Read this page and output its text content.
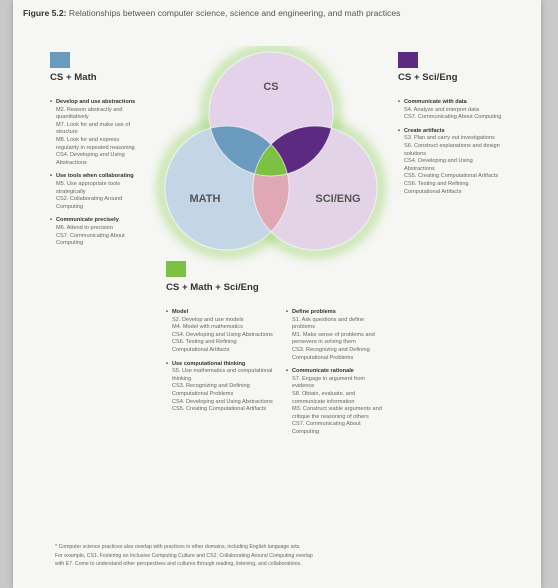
Figure 5.2: Relationships between computer science, science and engineering, and math practices
CS + Math
• Develop and use abstractions
M2. Reason abstractly and quantitatively
M7. Look for and make use of structure
M8. Look for and express regularity in repeated reasoning
CS4. Developing and Using Abstractions
• Use tools when collaborating
M5. Use appropriate tools strategically
CS2. Collaborating Around Computing
• Communicate precisely
M6. Attend to precision
CS7. Communicating About Computing
CS + Sci/Eng
• Communicate with data
S4. Analyze and interpret data
CS7. Communicating About Computing
• Create artifacts
S3. Plan and carry out investigations
S6. Construct explanations and design solutions
CS4. Developing and Using Abstractions
CS5. Creating Computational Artifacts
CS6. Testing and Refining Computational Artifacts
CS
MATH	SCI/ENG
CS + Math + Sci/Eng
• Model
S2. Develop and use models
M4. Model with mathematics
CS4. Developing and Using Abstractions
CS6. Testing and Refining Computational Artifacts
• Use computational thinking
S5. Use mathematics and computational thinking
CS3. Recognizing and Defining Computational Problems
CS4. Developing and Using Abstractions
CS5. Creating Computational Artifacts
• Define problems
S1. Ask questions and define problems
M1. Make sense of problems and persevere in solving them
CS3. Recognizing and Defining Computational Problems
• Communicate rationale
S7. Engage in argument from evidence
S8. Obtain, evaluate, and communicate information
M3. Construct viable arguments and critique the reasoning of others
CS7. Communicating About Computing
* Computer science practices also overlap with practices in other domains, including English language arts.
For example, CS1. Fostering an Inclusive Computing Culture and CS2. Collaborating Around Computing overlap
with E7. Come to understand other perspectives and cultures through reading, listening, and collaborations.
